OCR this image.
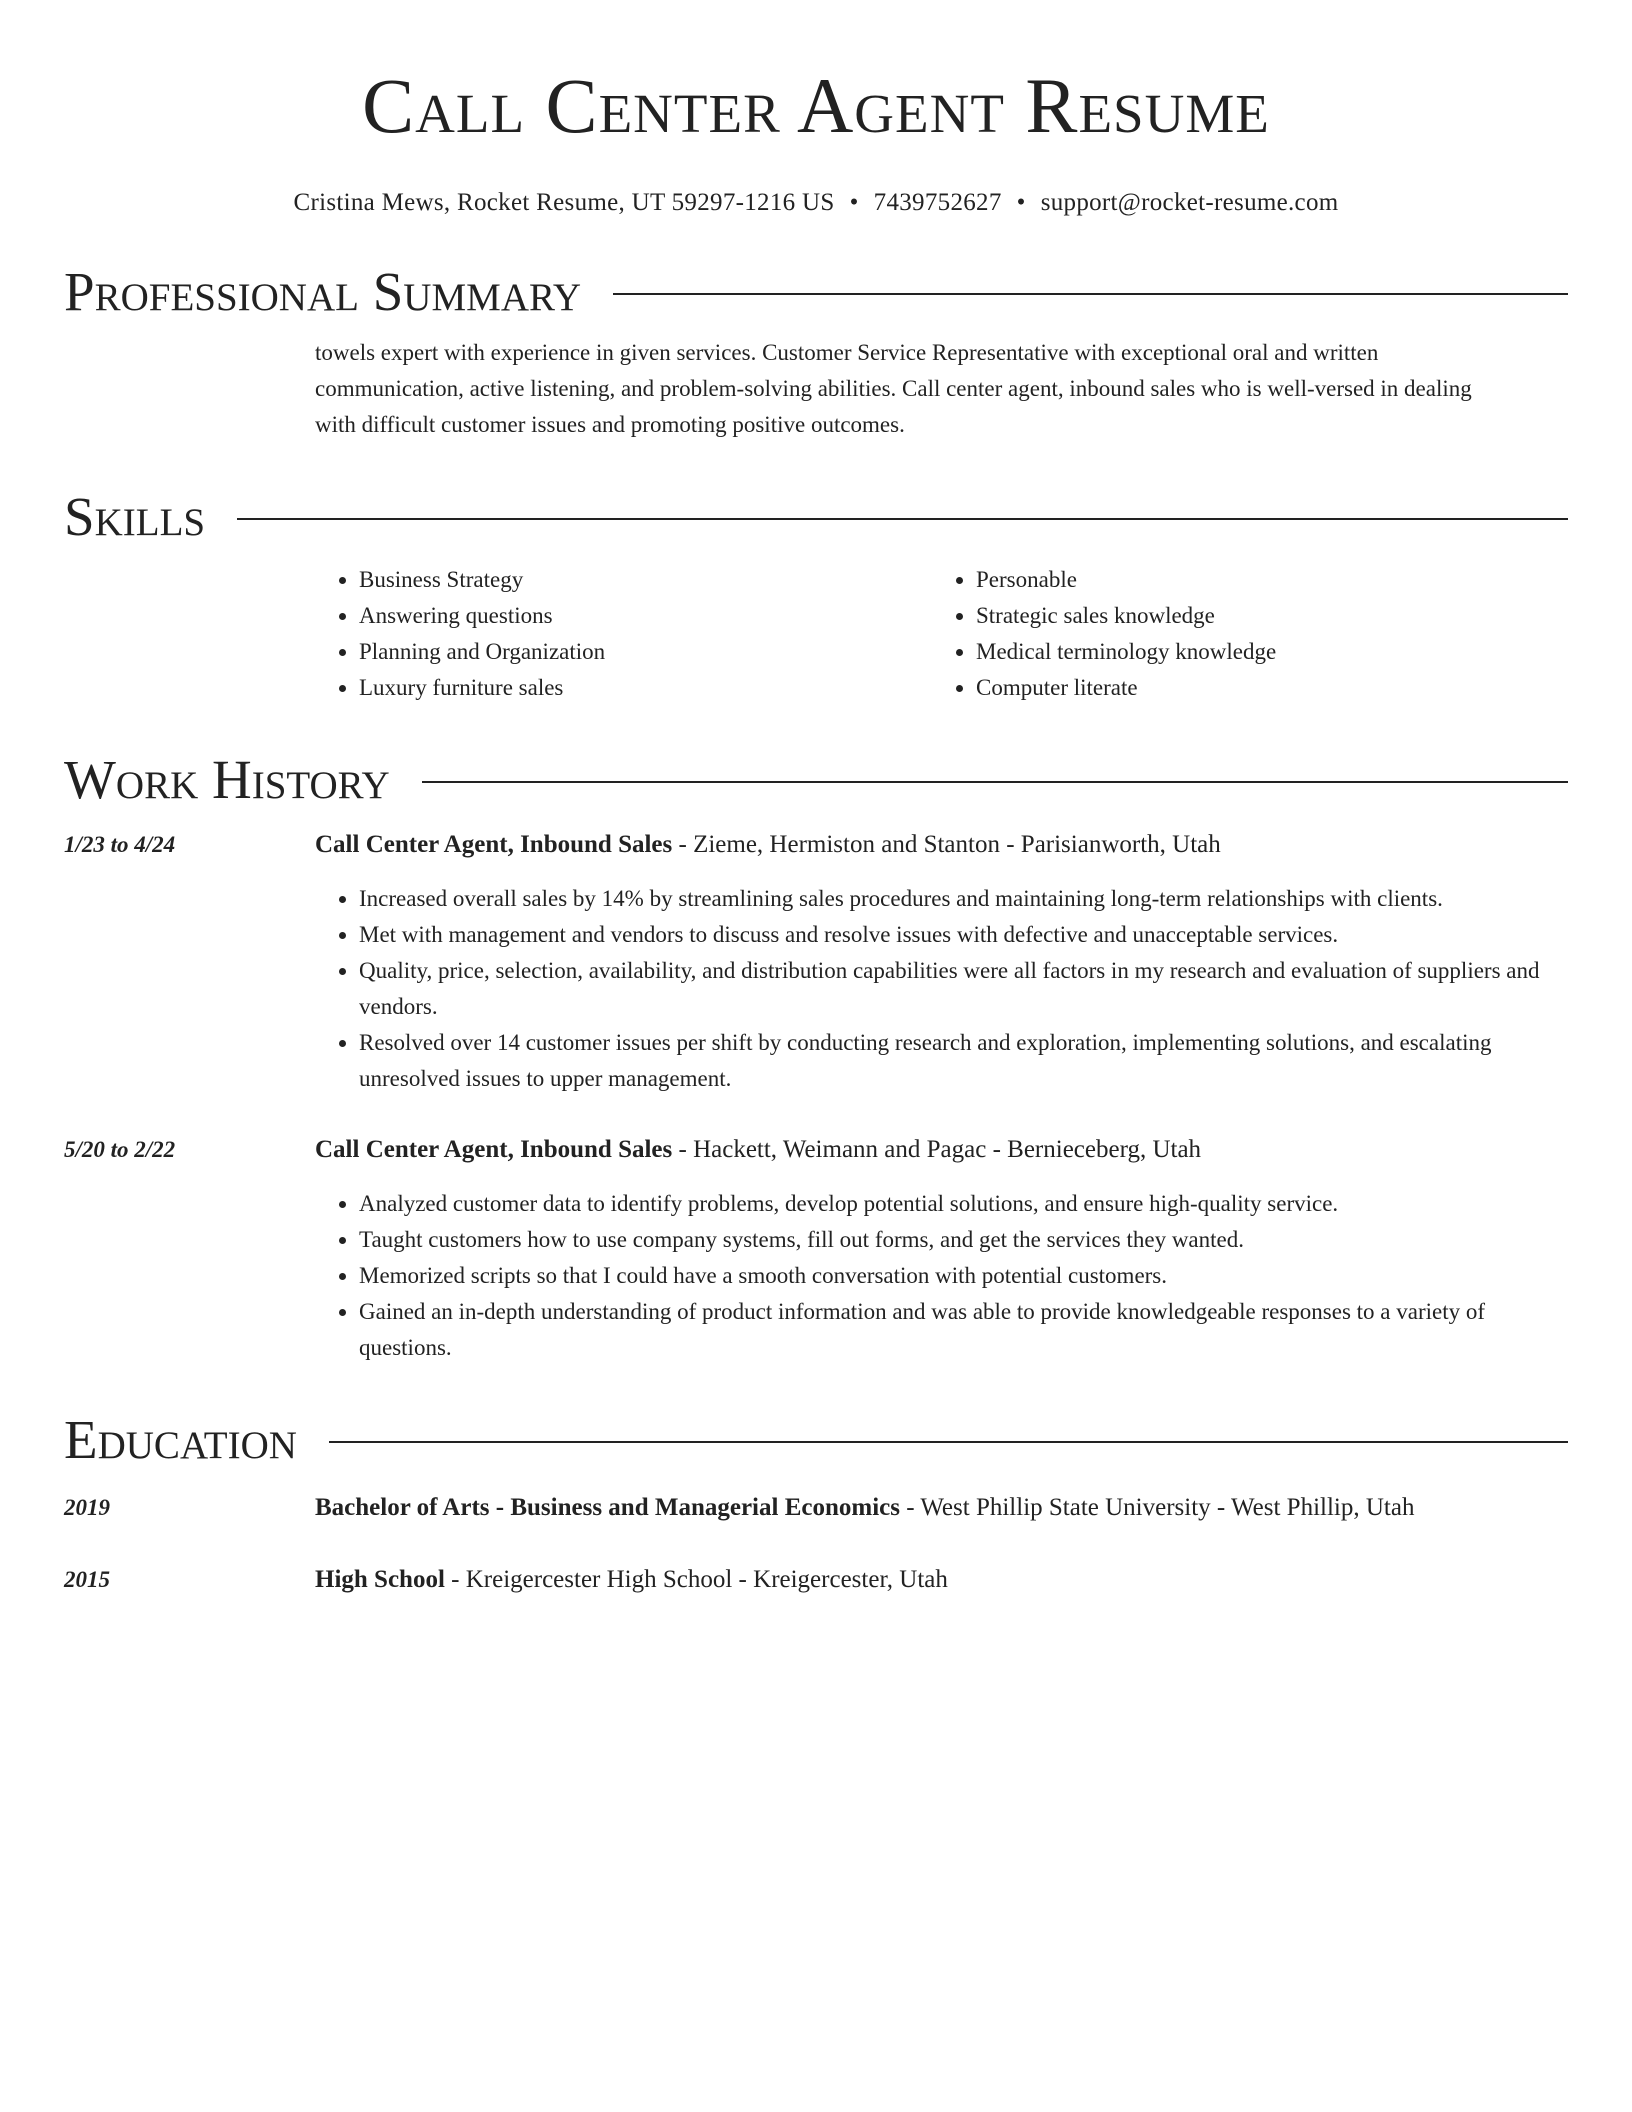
Call Center Agent Resume
Cristina Mews, Rocket Resume, UT 59297-1216 US • 7439752627 • support@rocket-resume.com
Professional Summary
towels expert with experience in given services. Customer Service Representative with exceptional oral and written communication, active listening, and problem-solving abilities. Call center agent, inbound sales who is well-versed in dealing with difficult customer issues and promoting positive outcomes.
Skills
• Business Strategy
• Answering questions
• Planning and Organization
• Luxury furniture sales
• Personable
• Strategic sales knowledge
• Medical terminology knowledge
• Computer literate
Work History
1/23 to 4/24	Call Center Agent, Inbound Sales - Zieme, Hermiston and Stanton - Parisianworth, Utah
• Increased overall sales by 14% by streamlining sales procedures and maintaining long-term relationships with clients.
• Met with management and vendors to discuss and resolve issues with defective and unacceptable services.
• Quality, price, selection, availability, and distribution capabilities were all factors in my research and evaluation of suppliers and vendors.
• Resolved over 14 customer issues per shift by conducting research and exploration, implementing solutions, and escalating unresolved issues to upper management.
5/20 to 2/22	Call Center Agent, Inbound Sales - Hackett, Weimann and Pagac - Bernieceberg, Utah
• Analyzed customer data to identify problems, develop potential solutions, and ensure high-quality service.
• Taught customers how to use company systems, fill out forms, and get the services they wanted.
• Memorized scripts so that I could have a smooth conversation with potential customers.
• Gained an in-depth understanding of product information and was able to provide knowledgeable responses to a variety of questions.
Education
2019	Bachelor of Arts - Business and Managerial Economics - West Phillip State University - West Phillip, Utah
2015	High School - Kreigercester High School - Kreigercester, Utah
